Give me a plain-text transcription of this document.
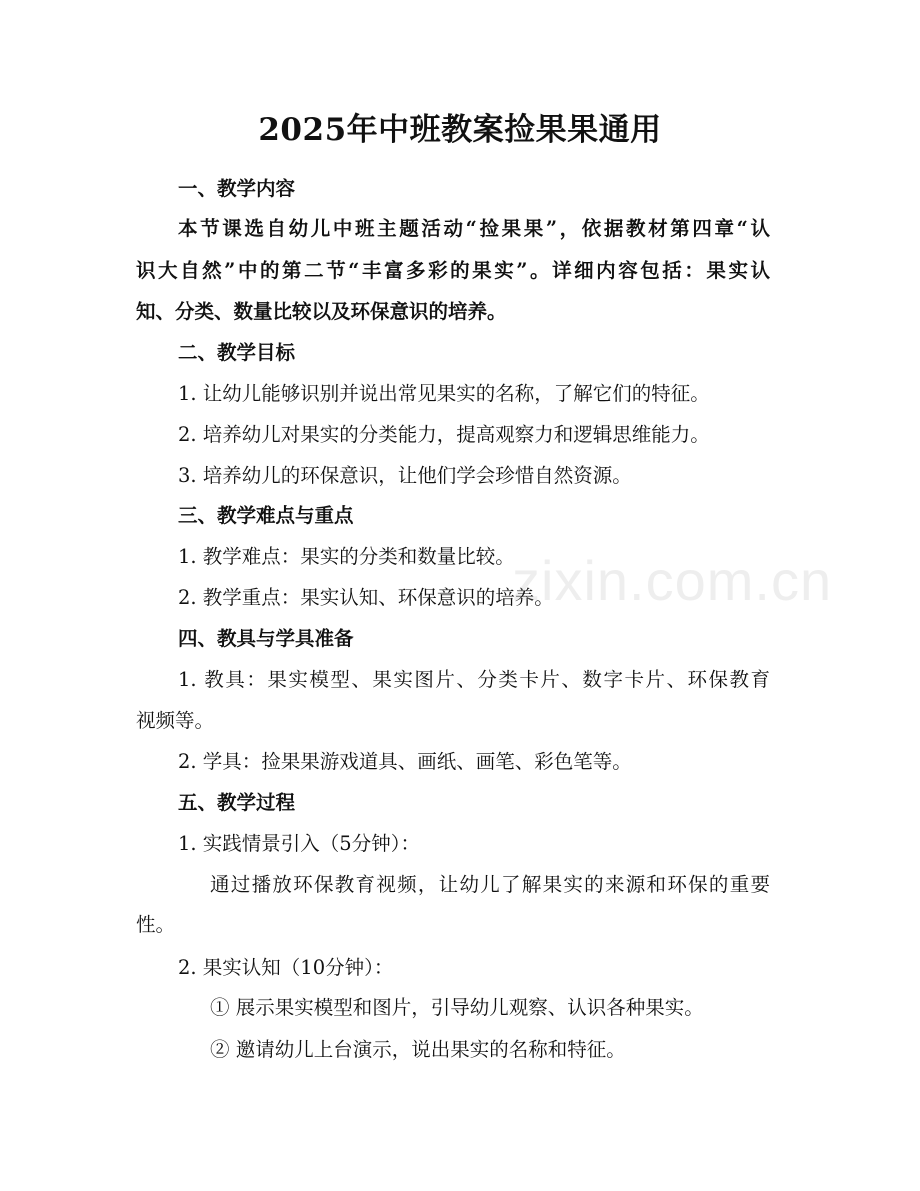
2025年中班教案捡果果通用
一、教学内容
本节课选自幼儿中班主题活动“捡果果”，依据教材第四章“认
识大自然”中的第二节“丰富多彩的果实”。详细内容包括：果实认
知、分类、数量比较以及环保意识的培养。
二、教学目标
1. 让幼儿能够识别并说出常见果实的名称，了解它们的特征。
2. 培养幼儿对果实的分类能力，提高观察力和逻辑思维能力。
3. 培养幼儿的环保意识，让他们学会珍惜自然资源。
三、教学难点与重点
1. 教学难点：果实的分类和数量比较。
2. 教学重点：果实认知、环保意识的培养。
四、教具与学具准备
1. 教具：果实模型、果实图片、分类卡片、数字卡片、环保教育
视频等。
2. 学具：捡果果游戏道具、画纸、画笔、彩色笔等。
五、教学过程
1. 实践情景引入（5分钟）：
通过播放环保教育视频，让幼儿了解果实的来源和环保的重要
性。
2. 果实认知（10分钟）：
① 展示果实模型和图片，引导幼儿观察、认识各种果实。
② 邀请幼儿上台演示，说出果实的名称和特征。
zixin.com.cn
